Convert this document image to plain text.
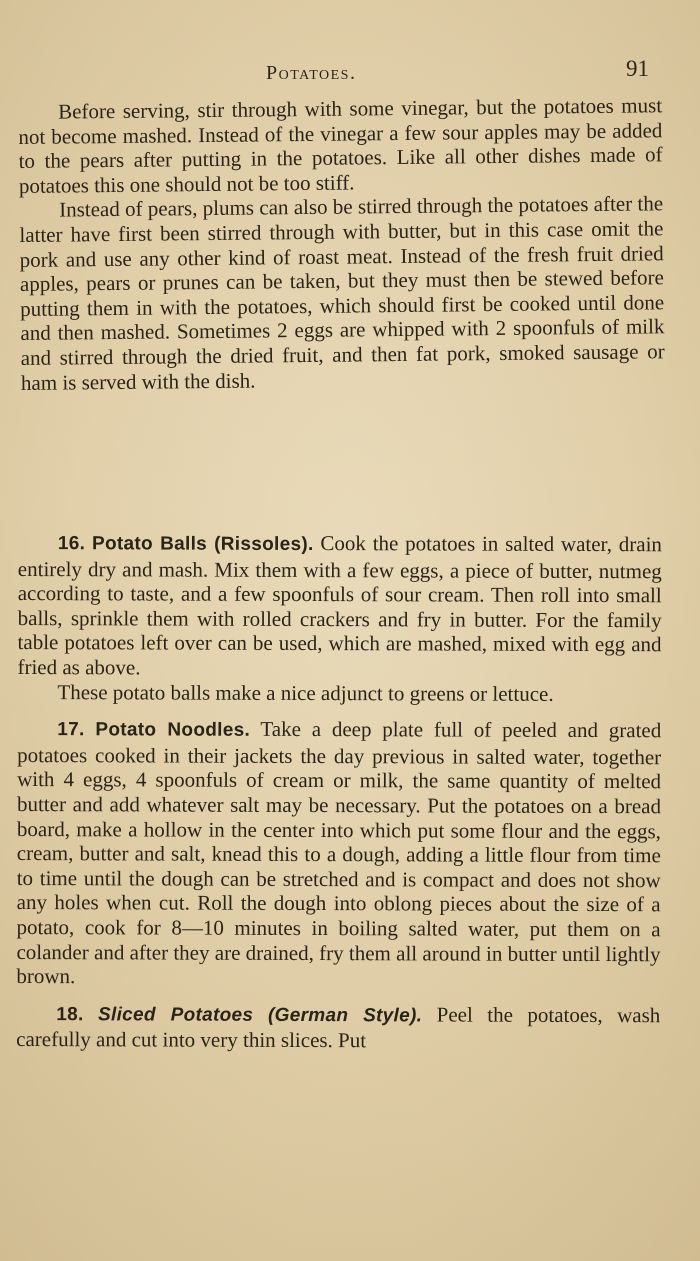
Potatoes.	91

Before serving, stir through with some vinegar, but the potatoes must not become mashed. Instead of the vinegar a few sour apples may be added to the pears after putting in the potatoes. Like all other dishes made of potatoes this one should not be too stiff.

Instead of pears, plums can also be stirred through the potatoes after the latter have first been stirred through with butter, but in this case omit the pork and use any other kind of roast meat. Instead of the fresh fruit dried apples, pears or prunes can be taken, but they must then be stewed before putting them in with the potatoes, which should first be cooked until done and then mashed. Sometimes 2 eggs are whipped with 2 spoonfuls of milk and stirred through the dried fruit, and then fat pork, smoked sausage or ham is served with the dish.

16. Potato Balls (Rissoles). Cook the potatoes in salted water, drain entirely dry and mash. Mix them with a few eggs, a piece of butter, nutmeg according to taste, and a few spoonfuls of sour cream. Then roll into small balls, sprinkle them with rolled crackers and fry in butter. For the family table potatoes left over can be used, which are mashed, mixed with egg and fried as above.

These potato balls make a nice adjunct to greens or lettuce.

17. Potato Noodles. Take a deep plate full of peeled and grated potatoes cooked in their jackets the day previous in salted water, together with 4 eggs, 4 spoonfuls of cream or milk, the same quantity of melted butter and add whatever salt may be necessary. Put the potatoes on a bread board, make a hollow in the center into which put some flour and the eggs, cream, butter and salt, knead this to a dough, adding a little flour from time to time until the dough can be stretched and is compact and does not show any holes when cut. Roll the dough into oblong pieces about the size of a potato, cook for 8—10 minutes in boiling salted water, put them on a colander and after they are drained, fry them all around in butter until lightly brown.

18. Sliced Potatoes (German Style). Peel the potatoes, wash carefully and cut into very thin slices. Put
